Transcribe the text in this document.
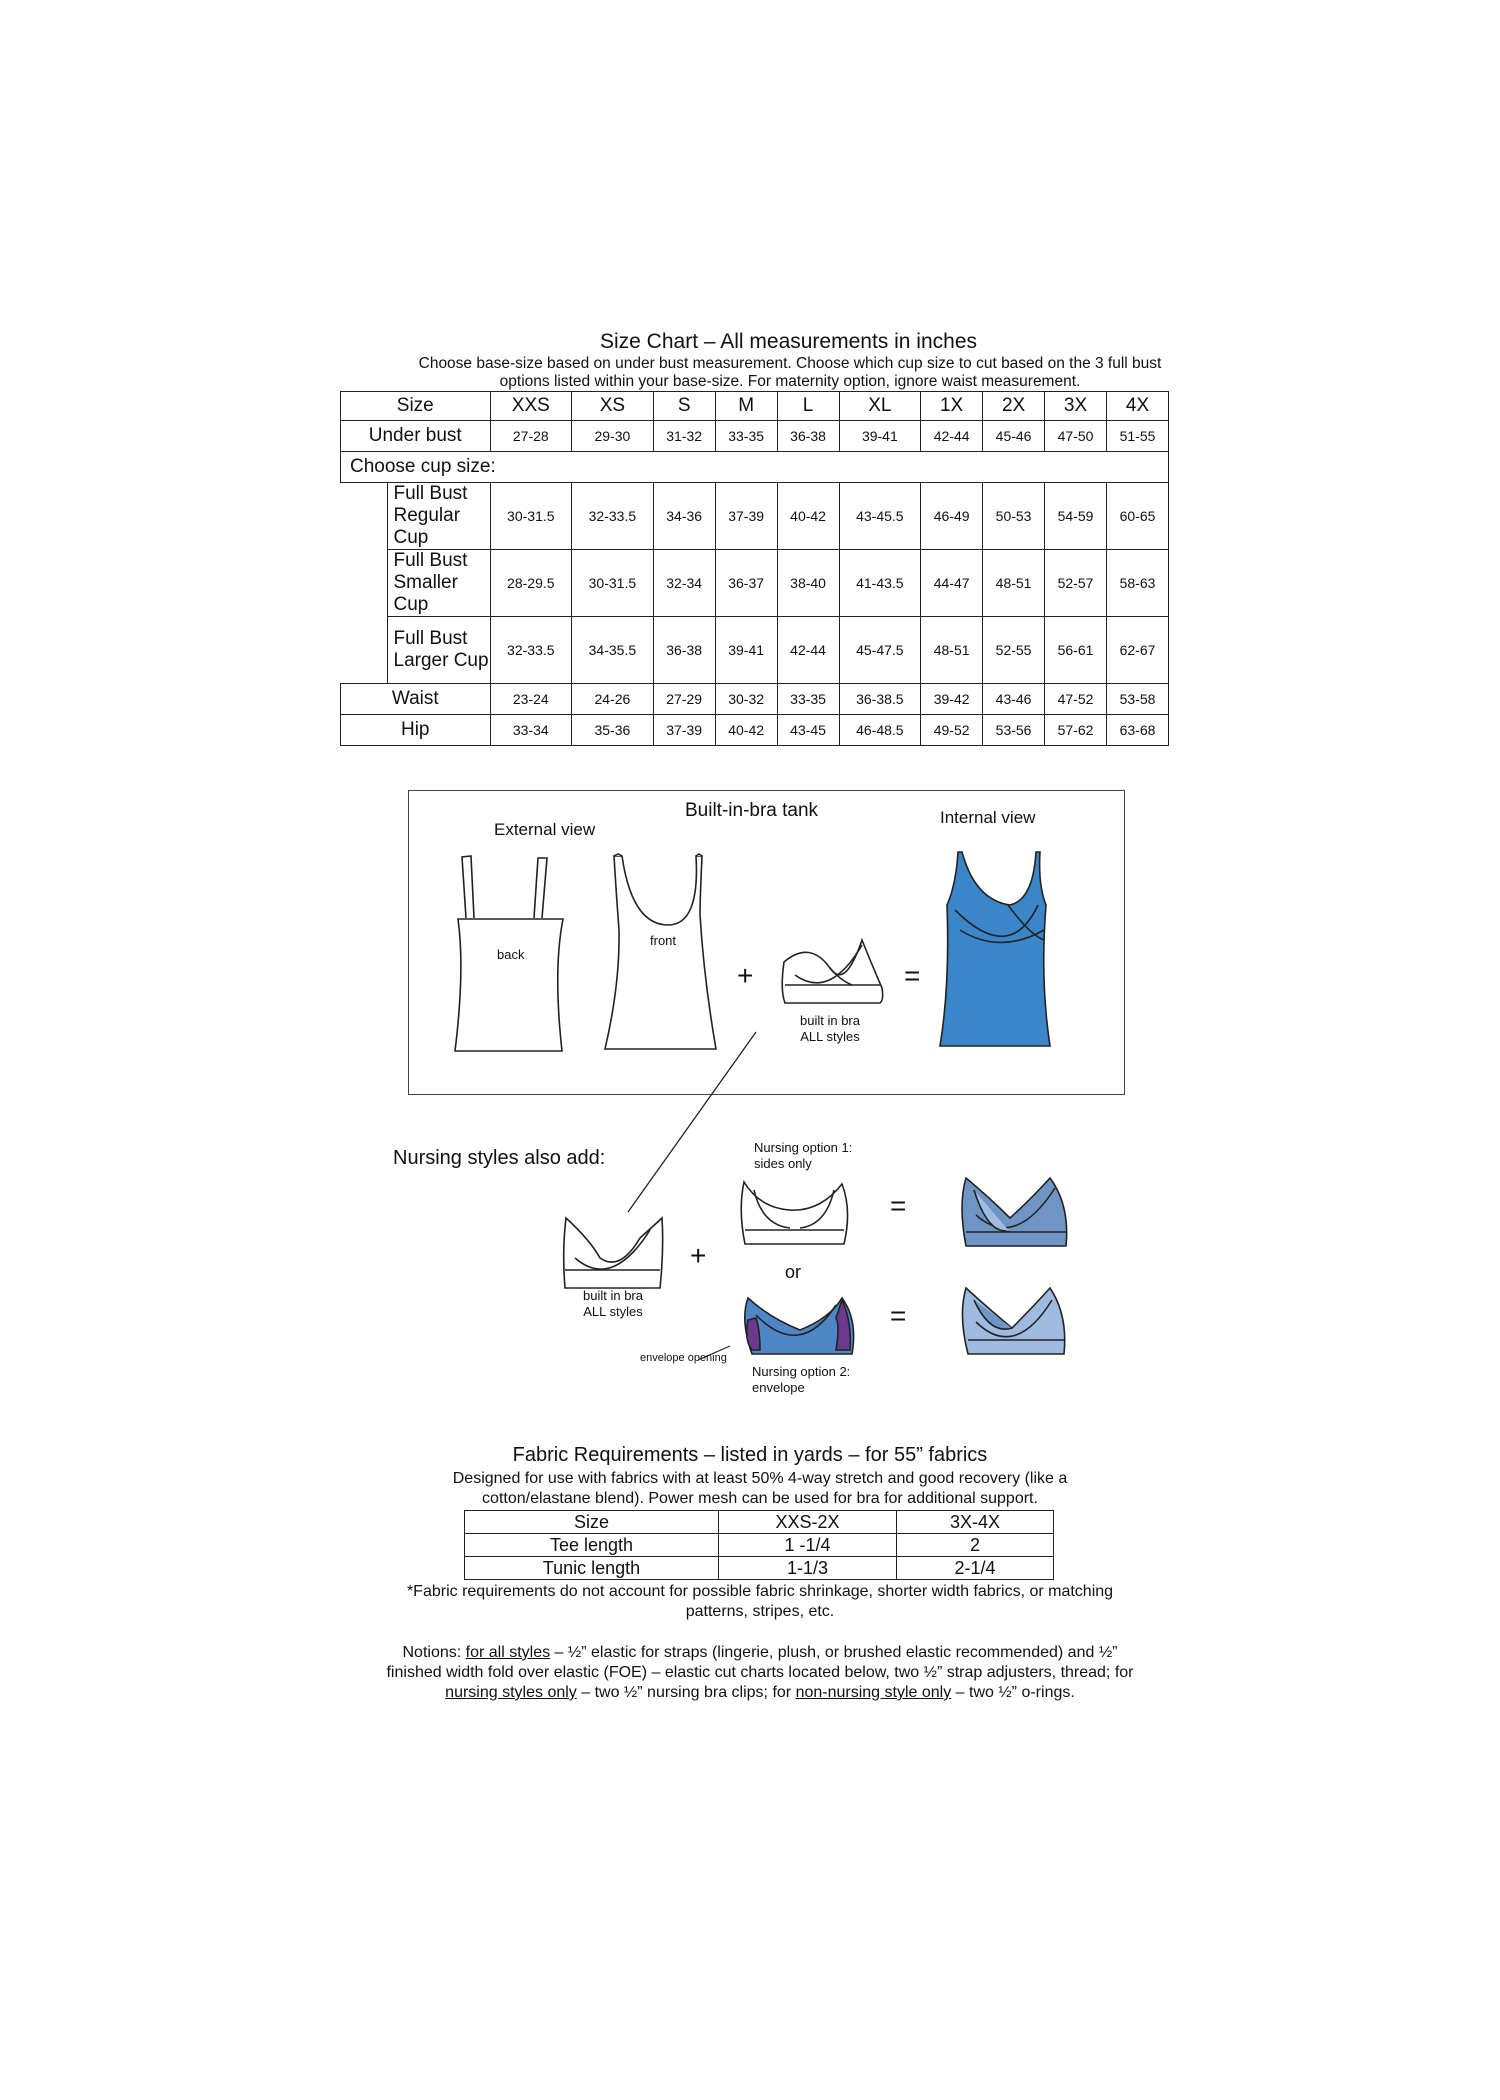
Size Chart – All measurements in inches
Choose base-size based on under bust measurement. Choose which cup size to cut based on the 3 full bust options listed within your base-size. For maternity option, ignore waist measurement.
Size		XXS	XS	S	M	L	XL	1X	2X	3X	4X
Under bust		27-28	29-30	31-32	33-35	36-38	39-41	42-44	45-46	47-50	51-55
Choose cup size:											
	Full Bust Regular Cup	30-31.5	32-33.5	34-36	37-39	40-42	43-45.5	46-49	50-53	54-59	60-65
	Full Bust Smaller Cup	28-29.5	30-31.5	32-34	36-37	38-40	41-43.5	44-47	48-51	52-57	58-63
	Full Bust Larger Cup	32-33.5	34-35.5	36-38	39-41	42-44	45-47.5	48-51	52-55	56-61	62-67
Waist		23-24	24-26	27-29	30-32	33-35	36-38.5	39-42	43-46	47-52	53-58
Hip		33-34	35-36	37-39	40-42	43-45	46-48.5	49-52	53-56	57-62	63-68
Built-in-bra tank
External view
Internal view
back
front
+	=
built in bra
ALL styles
Nursing styles also add:	Nursing option 1:
sides only
+
=
=
or
built in bra
ALL styles
envelope opening
Nursing option 2:
envelope
Fabric Requirements – listed in yards – for 55” fabrics
Designed for use with fabrics with at least 50% 4-way stretch and good recovery (like a cotton/elastane blend). Power mesh can be used for bra for additional support.
Size	XXS-2X	3X-4X
Tee length	1 -1/4	2
Tunic length	1-1/3	2-1/4
*Fabric requirements do not account for possible fabric shrinkage, shorter width fabrics, or matching patterns, stripes, etc.
Notions: for all styles – ½” elastic for straps (lingerie, plush, or brushed elastic recommended) and ½” finished width fold over elastic (FOE) – elastic cut charts located below, two ½” strap adjusters, thread; for nursing styles only – two ½” nursing bra clips; for non-nursing style only – two ½” o-rings.
